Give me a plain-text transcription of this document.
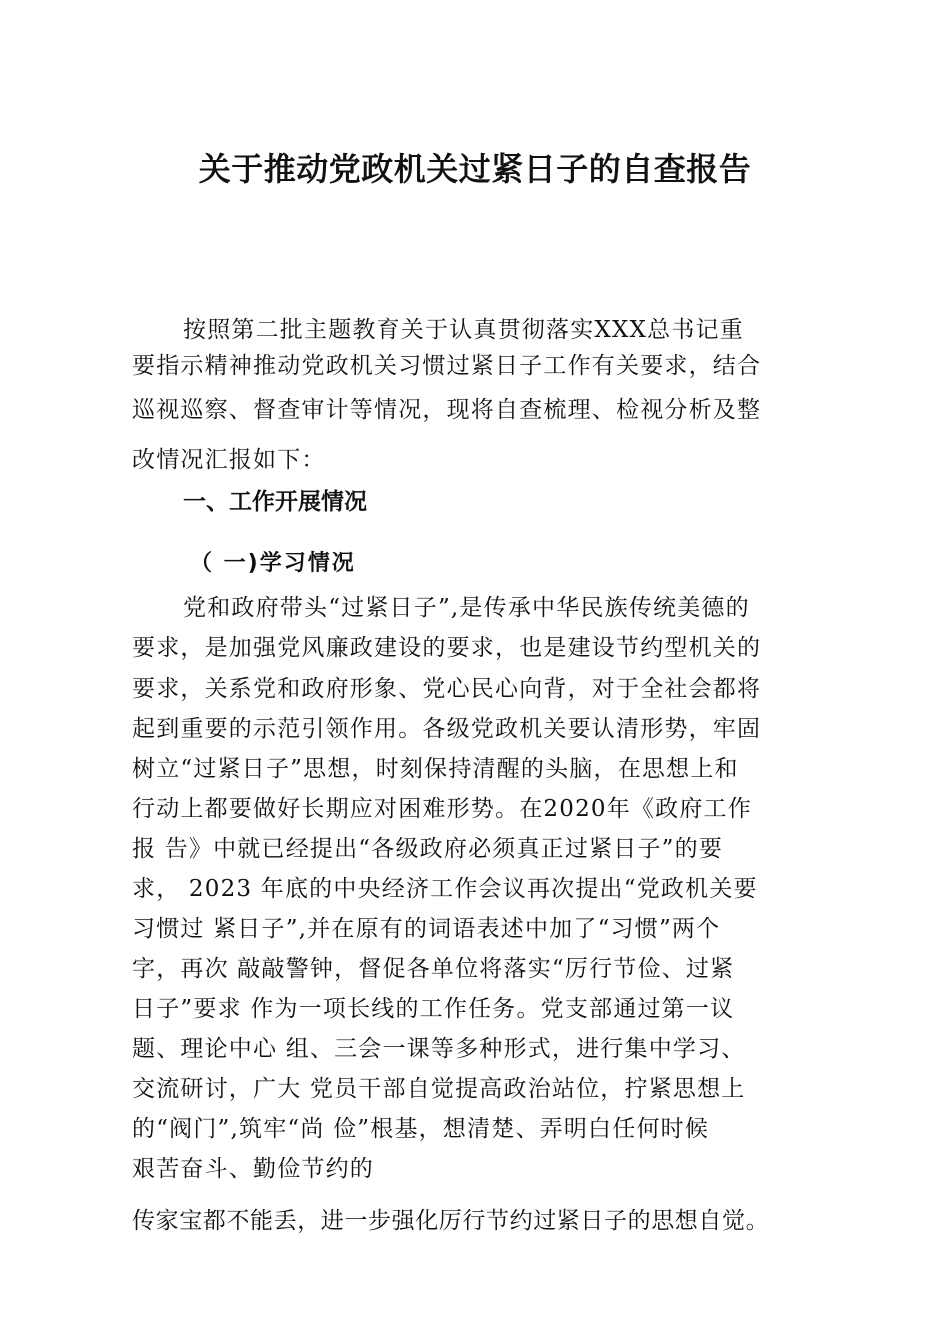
关于推动党政机关过紧日子的自查报告
按照第二批主题教育关于认真贯彻落实XXX总书记重
要指示精神推动党政机关习惯过紧日子工作有关要求，结合
巡视巡察、督查审计等情况，现将自查梳理、检视分析及整
改情况汇报如下：
一、工作开展情况
（ 一)学习情况
党和政府带头“过紧日子”,是传承中华民族传统美德的
要求，是加强党风廉政建设的要求，也是建设节约型机关的
要求，关系党和政府形象、党心民心向背，对于全社会都将
起到重要的示范引领作用。各级党政机关要认清形势，牢固
树立“过紧日子”思想，时刻保持清醒的头脑，在思想上和
行动上都要做好长期应对困难形势。在2020年《政府工作
报 告》中就已经提出“各级政府必须真正过紧日子”的要
求， 2023 年底的中央经济工作会议再次提出“党政机关要
习惯过 紧日子”,并在原有的词语表述中加了“习惯”两个
字，再次 敲敲警钟，督促各单位将落实“厉行节俭、过紧
日子”要求 作为一项长线的工作任务。党支部通过第一议
题、理论中心 组、三会一课等多种形式，进行集中学习、
交流研讨，广大 党员干部自觉提高政治站位，拧紧思想上
的“阀门”,筑牢“尚 俭”根基，想清楚、弄明白任何时候
艰苦奋斗、勤俭节约的
传家宝都不能丢，进一步强化厉行节约过紧日子的思想自觉。
